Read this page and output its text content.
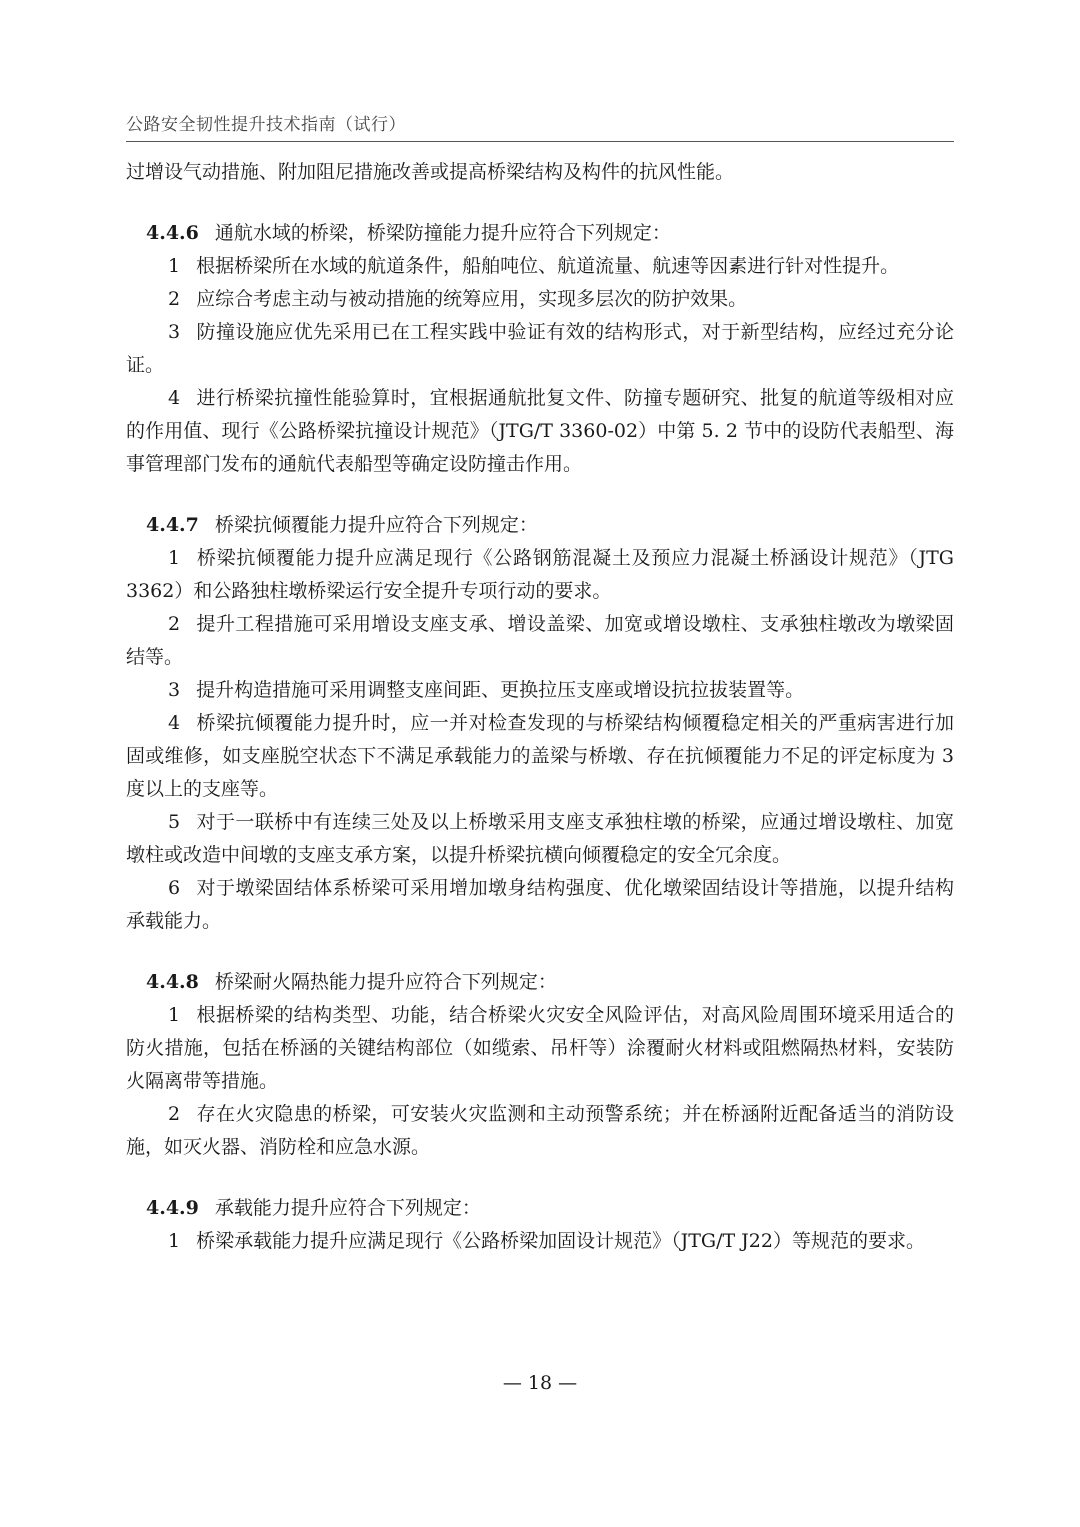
公路安全韧性提升技术指南（试行）

过增设气动措施、附加阻尼措施改善或提高桥梁结构及构件的抗风性能。

4.4.6 通航水域的桥梁，桥梁防撞能力提升应符合下列规定：

1 根据桥梁所在水域的航道条件，船舶吨位、航道流量、航速等因素进行针对性提升。

2 应综合考虑主动与被动措施的统筹应用，实现多层次的防护效果。

3 防撞设施应优先采用已在工程实践中验证有效的结构形式，对于新型结构，应经过充分论证。

4 进行桥梁抗撞性能验算时，宜根据通航批复文件、防撞专题研究、批复的航道等级相对应的作用值、现行《公路桥梁抗撞设计规范》（JTG/T 3360-02）中第 5. 2 节中的设防代表船型、海事管理部门发布的通航代表船型等确定设防撞击作用。

4.4.7 桥梁抗倾覆能力提升应符合下列规定：

1 桥梁抗倾覆能力提升应满足现行《公路钢筋混凝土及预应力混凝土桥涵设计规范》（JTG 3362）和公路独柱墩桥梁运行安全提升专项行动的要求。

2 提升工程措施可采用增设支座支承、增设盖梁、加宽或增设墩柱、支承独柱墩改为墩梁固结等。

3 提升构造措施可采用调整支座间距、更换拉压支座或增设抗拉拔装置等。

4 桥梁抗倾覆能力提升时，应一并对检查发现的与桥梁结构倾覆稳定相关的严重病害进行加固或维修，如支座脱空状态下不满足承载能力的盖梁与桥墩、存在抗倾覆能力不足的评定标度为 3 度以上的支座等。

5 对于一联桥中有连续三处及以上桥墩采用支座支承独柱墩的桥梁，应通过增设墩柱、加宽墩柱或改造中间墩的支座支承方案，以提升桥梁抗横向倾覆稳定的安全冗余度。

6 对于墩梁固结体系桥梁可采用增加墩身结构强度、优化墩梁固结设计等措施，以提升结构承载能力。

4.4.8 桥梁耐火隔热能力提升应符合下列规定：

1 根据桥梁的结构类型、功能，结合桥梁火灾安全风险评估，对高风险周围环境采用适合的防火措施，包括在桥涵的关键结构部位（如缆索、吊杆等）涂覆耐火材料或阻燃隔热材料，安装防火隔离带等措施。

2 存在火灾隐患的桥梁，可安装火灾监测和主动预警系统；并在桥涵附近配备适当的消防设施，如灭火器、消防栓和应急水源。

4.4.9 承载能力提升应符合下列规定：

1 桥梁承载能力提升应满足现行《公路桥梁加固设计规范》（JTG/T J22）等规范的要求。

— 18 —
